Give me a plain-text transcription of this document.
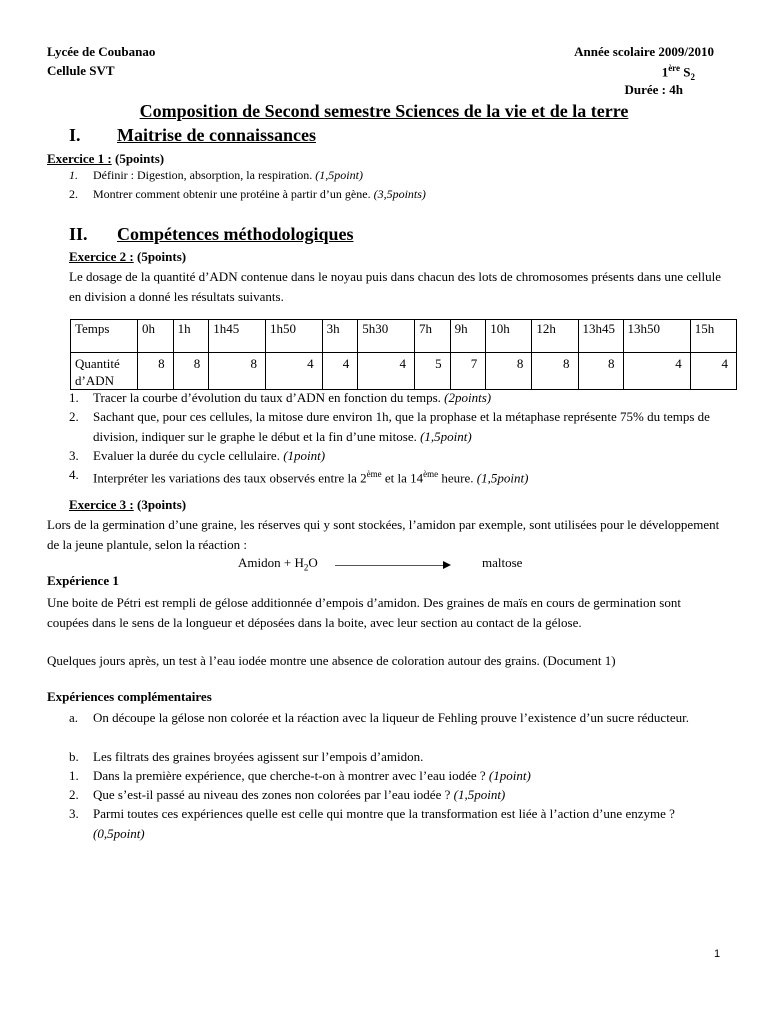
Lycée de Coubanao
Cellule SVT
Année scolaire 2009/2010
1ère $S_2$
Durée : 4h
Composition de Second semestre Sciences de la vie et de la terre
I. Maitrise de connaissances
Exercice 1 : (5points)
1. Définir : Digestion, absorption, la respiration. (1,5point)
2. Montrer comment obtenir une protéine à partir d’un gène. (3,5points)
II. Compétences méthodologiques
Exercice 2 : (5points)
Le dosage de la quantité d’ADN contenue dans le noyau puis dans chacun des lots de chromosomes présents dans une cellule en division a donné les résultats suivants.
Temps	0h	1h	1h45	1h50	3h	5h30	7h	9h	10h	12h	13h45	13h50	15h
Quantité d’ADN	8	8	8	4	4	4	5	7	8	8	8	4	4
1. Tracer la courbe d’évolution du taux d’ADN en fonction du temps. (2points)
2. Sachant que, pour ces cellules, la mitose dure environ 1h, que la prophase et la métaphase représente 75% du temps de division, indiquer sur le graphe le début et la fin d’une mitose. (1,5point)
3. Evaluer la durée du cycle cellulaire. (1point)
4. Interpréter les variations des taux observés entre la 2ème et la 14ème heure. (1,5point)
Exercice 3 : (3points)
Lors de la germination d’une graine, les réserves qui y sont stockées, l’amidon par exemple, sont utilisées pour le développement de la jeune plantule, selon la réaction :
Amidon + $H_2O$	maltose
Expérience 1
Une boite de Pétri est rempli de gélose additionnée d’empois d’amidon. Des graines de maïs en cours de germination sont coupées dans le sens de la longueur et déposées dans la boite, avec leur section au contact de la gélose.
Quelques jours après, un test à l’eau iodée montre une absence de coloration autour des grains. (Document 1)
Expériences complémentaires
a. On découpe la gélose non colorée et la réaction avec la liqueur de Fehling prouve l’existence d’un sucre réducteur.
b. Les filtrats des graines broyées agissent sur l’empois d’amidon.
1. Dans la première expérience, que cherche-t-on à montrer avec l’eau iodée ? (1point)
2. Que s’est-il passé au niveau des zones non colorées par l’eau iodée ? (1,5point)
3. Parmi toutes ces expériences quelle est celle qui montre que la transformation est liée à l’action d’une enzyme ? (0,5point)
1
